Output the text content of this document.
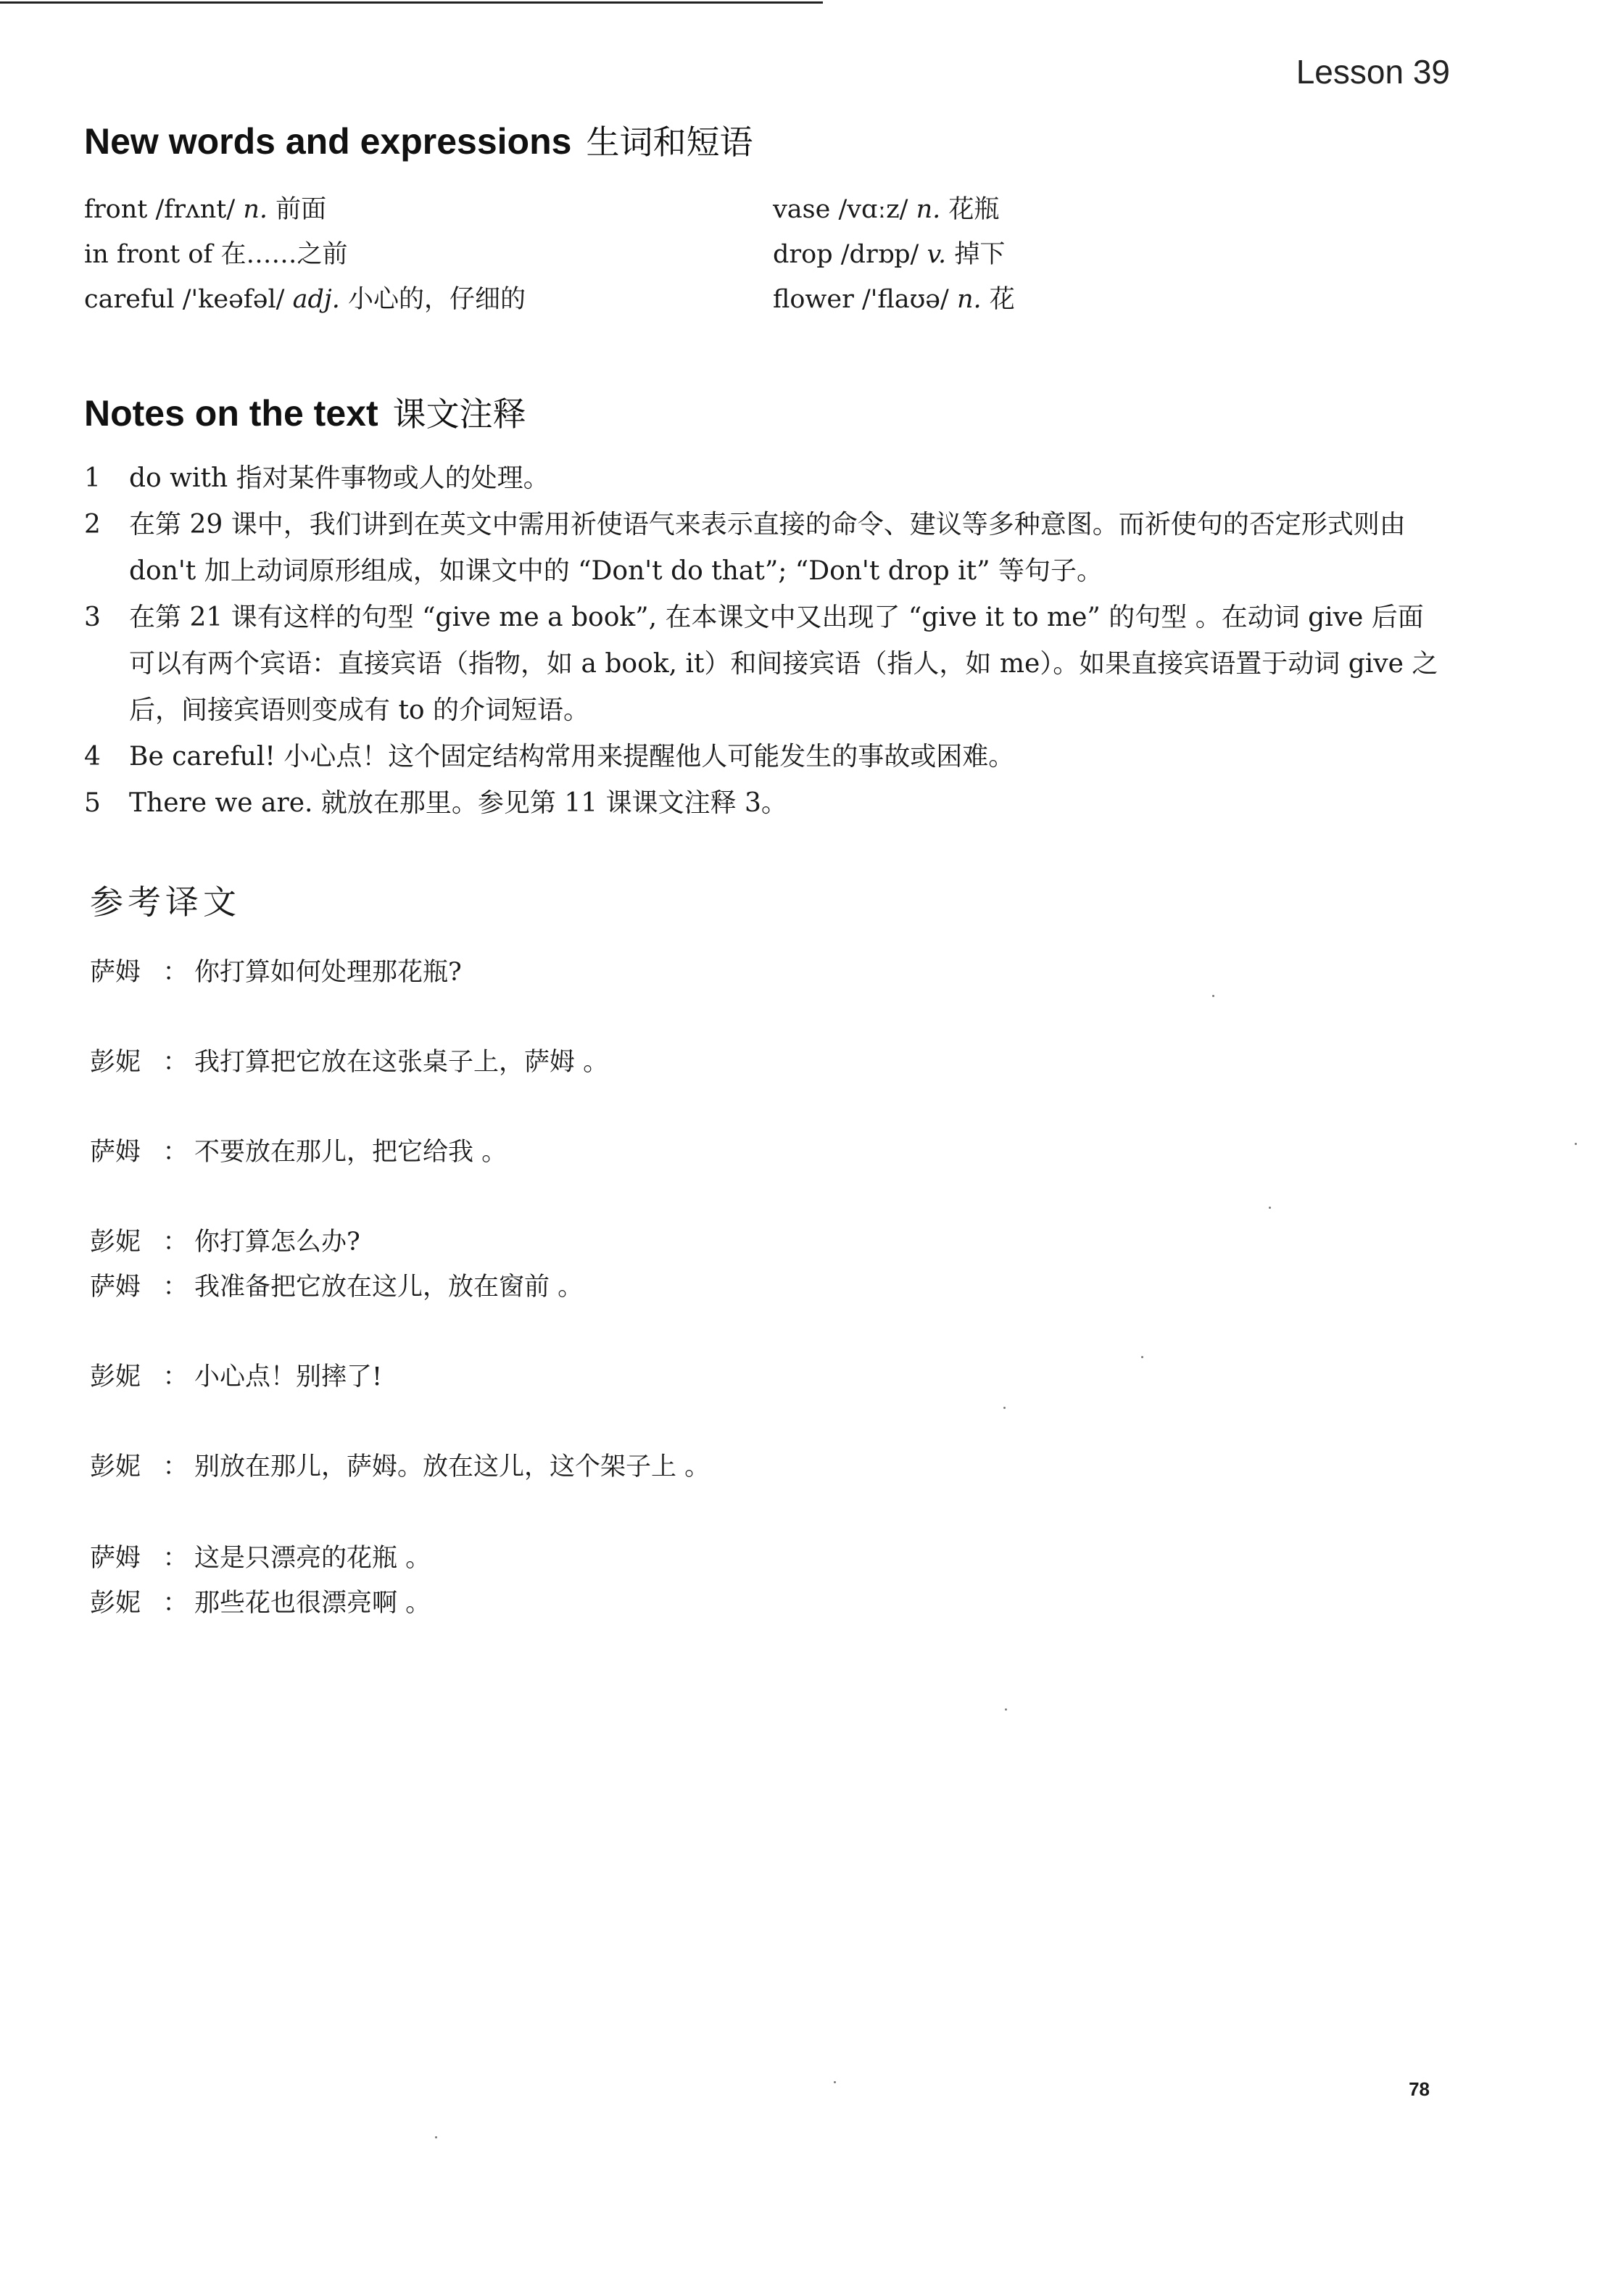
Lesson 39
New words and expressions 生词和短语
front /frʌnt/ n. 前面
in front of 在……之前
careful /'keəfəl/ adj. 小心的，仔细的
vase /vɑːz/ n. 花瓶
drop /drɒp/ v. 掉下
flower /'flaʊə/ n. 花
Notes on the text 课文注释
1 do with 指对某件事物或人的处理。
2 在第 29 课中，我们讲到在英文中需用祈使语气来表示直接的命令、建议等多种意图。而祈使句的否定形式则由 don't 加上动词原形组成，如课文中的 “Don't do that”; “Don't drop it” 等句子。
3 在第 21 课有这样的句型 “give me a book”, 在本课文中又出现了 “give it to me” 的句型 。在动词 give 后面可以有两个宾语：直接宾语（指物，如 a book, it）和间接宾语（指人，如 me）。如果直接宾语置于动词 give 之后，间接宾语则变成有 to 的介词短语。
4 Be careful! 小心点！这个固定结构常用来提醒他人可能发生的事故或困难。
5 There we are. 就放在那里。参见第 11 课课文注释 3。
参考译文
萨姆 ： 你打算如何处理那花瓶?
彭妮 ： 我打算把它放在这张桌子上，萨姆 。
萨姆 ： 不要放在那儿，把它给我 。
彭妮 ： 你打算怎么办?
萨姆 ： 我准备把它放在这儿，放在窗前 。
彭妮 ： 小心点！别摔了!
彭妮 ： 别放在那儿，萨姆。放在这儿，这个架子上 。
萨姆 ： 这是只漂亮的花瓶 。
彭妮 ： 那些花也很漂亮啊 。
78
